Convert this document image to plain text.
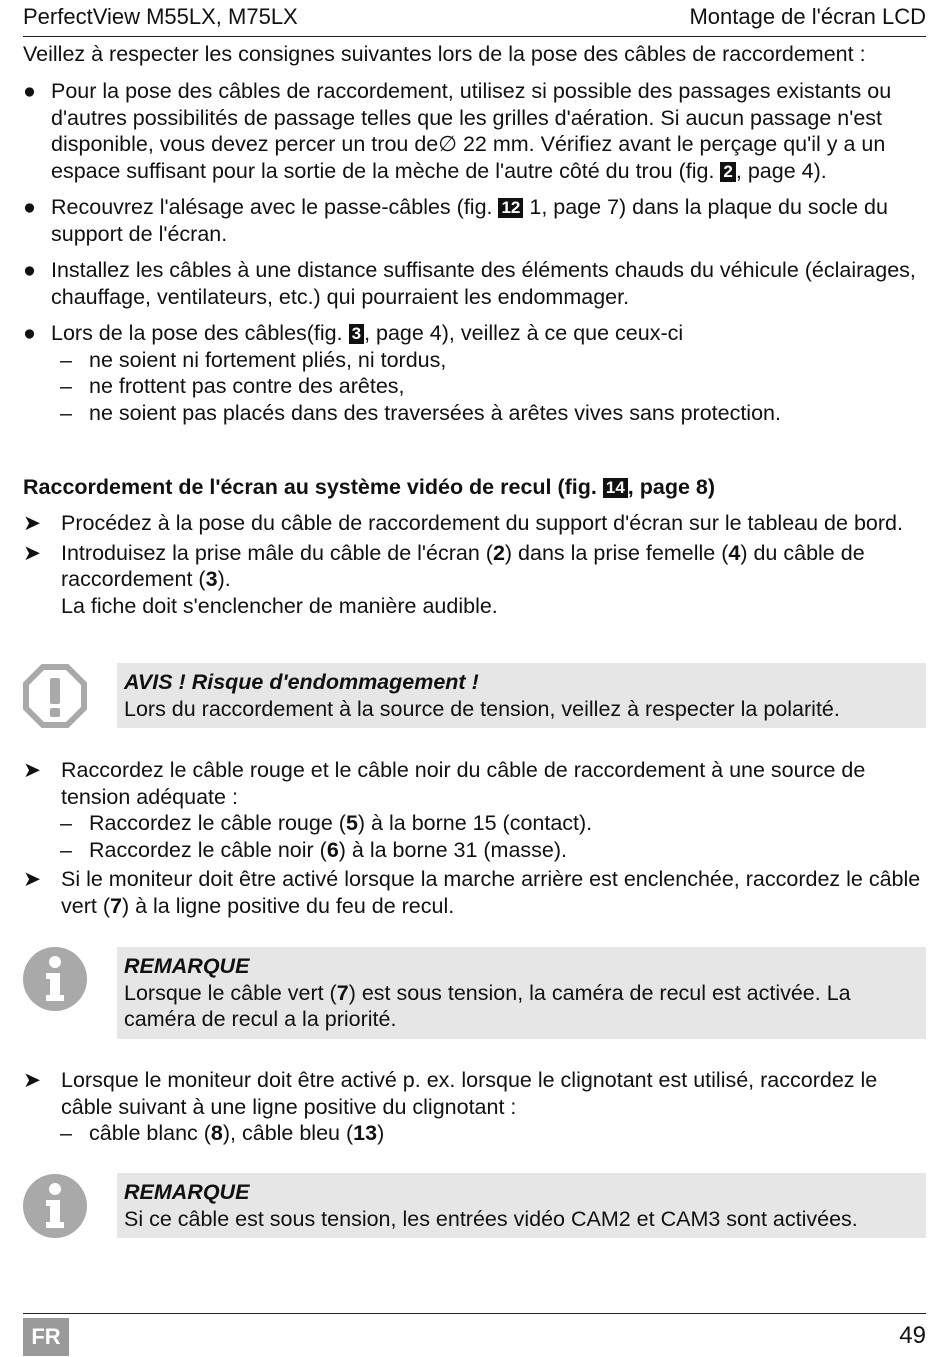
PerfectView M55LX, M75LX	Montage de l'écran LCD
Veillez à respecter les consignes suivantes lors de la pose des câbles de raccordement :
● Pour la pose des câbles de raccordement, utilisez si possible des passages existants ou d'autres possibilités de passage telles que les grilles d'aération. Si aucun passage n'est disponible, vous devez percer un trou de∅ 22 mm. Vérifiez avant le perçage qu'il y a un espace suffisant pour la sortie de la mèche de l'autre côté du trou (fig. 2 , page 4).
● Recouvrez l'alésage avec le passe-câbles (fig. 12 1, page 7) dans la plaque du socle du support de l'écran.
● Installez les câbles à une distance suffisante des éléments chauds du véhicule (éclairages, chauffage, ventilateurs, etc.) qui pourraient les endommager.
● Lors de la pose des câbles(fig. 3 , page 4), veillez à ce que ceux-ci
– ne soient ni fortement pliés, ni tordus,
– ne frottent pas contre des arêtes,
– ne soient pas placés dans des traversées à arêtes vives sans protection.
Raccordement de l'écran au système vidéo de recul (fig. 14 , page 8)
➤ Procédez à la pose du câble de raccordement du support d'écran sur le tableau de bord.
➤ Introduisez la prise mâle du câble de l'écran (2) dans la prise femelle (4) du câble de raccordement (3).
La fiche doit s'enclencher de manière audible.
AVIS ! Risque d'endommagement !
Lors du raccordement à la source de tension, veillez à respecter la polarité.
➤ Raccordez le câble rouge et le câble noir du câble de raccordement à une source de tension adéquate :
– Raccordez le câble rouge (5) à la borne 15 (contact).
– Raccordez le câble noir (6) à la borne 31 (masse).
➤ Si le moniteur doit être activé lorsque la marche arrière est enclenchée, raccordez le câble vert (7) à la ligne positive du feu de recul.
REMARQUE
Lorsque le câble vert (7) est sous tension, la caméra de recul est activée. La caméra de recul a la priorité.
➤ Lorsque le moniteur doit être activé p. ex. lorsque le clignotant est utilisé, raccordez le câble suivant à une ligne positive du clignotant :
– câble blanc (8), câble bleu (13)
REMARQUE
Si ce câble est sous tension, les entrées vidéo CAM2 et CAM3 sont activées.
FR	49
